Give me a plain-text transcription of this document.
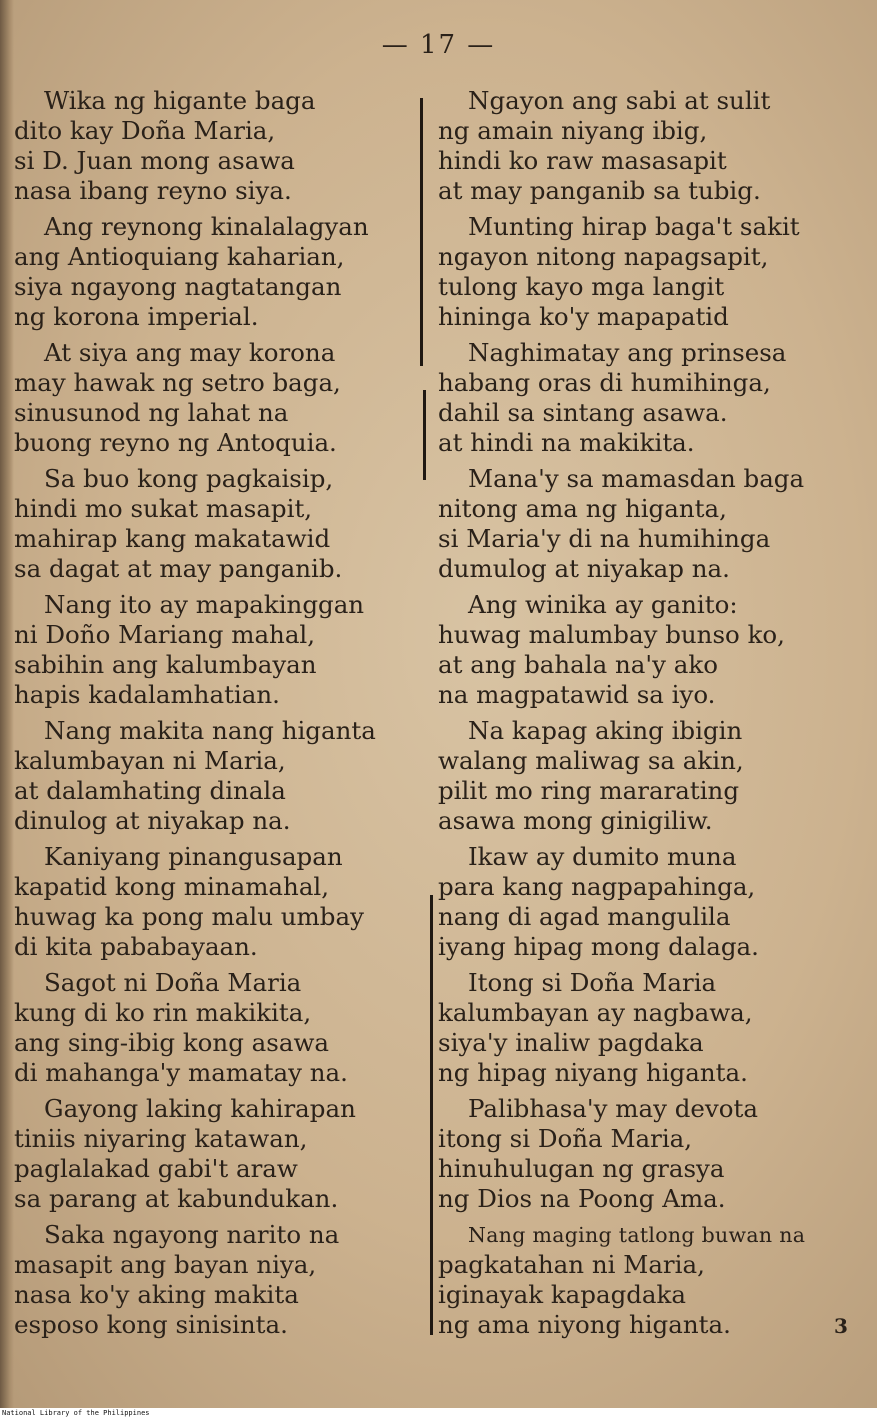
— 17 —
Wika ng higante baga
dito kay Doña Maria,
si D. Juan mong asawa
nasa ibang reyno siya.
Ang reynong kinalalagyan
ang Antioquiang kaharian,
siya ngayong nagtatangan
ng korona imperial.
At siya ang may korona
may hawak ng setro baga,
sinusunod ng lahat na
buong reyno ng Antoquia.
Sa buo kong pagkaisip,
hindi mo sukat masapit,
mahirap kang makatawid
sa dagat at may panganib.
Nang ito ay mapakinggan
ni Doño Mariang mahal,
sabihin ang kalumbayan
hapis kadalamhatian.
Nang makita nang higanta
kalumbayan ni Maria,
at dalamhating dinala
dinulog at niyakap na.
Kaniyang pinangusapan
kapatid kong minamahal,
huwag ka pong malu umbay
di kita pababayaan.
Sagot ni Doña Maria
kung di ko rin makikita,
ang sing-ibig kong asawa
di mahanga'y mamatay na.
Gayong laking kahirapan
tiniis niyaring katawan,
paglalakad gabi't araw
sa parang at kabundukan.
Saka ngayong narito na
masapit ang bayan niya,
nasa ko'y aking makita
esposo kong sinisinta.
Ngayon ang sabi at sulit
ng amain niyang ibig,
hindi ko raw masasapit
at may panganib sa tubig.
Munting hirap baga't sakit
ngayon nitong napagsapit,
tulong kayo mga langit
hininga ko'y mapapatid
Naghimatay ang prinsesa
habang oras di humihinga,
dahil sa sintang asawa.
at hindi na makikita.
Mana'y sa mamasdan baga
nitong ama ng higanta,
si Maria'y di na humihinga
dumulog at niyakap na.
Ang winika ay ganito:
huwag malumbay bunso ko,
at ang bahala na'y ako
na magpatawid sa iyo.
Na kapag aking ibigin
walang maliwag sa akin,
pilit mo ring mararating
asawa mong ginigiliw.
Ikaw ay dumito muna
para kang nagpapahinga,
nang di agad mangulila
iyang hipag mong dalaga.
Itong si Doña Maria
kalumbayan ay nagbawa,
siya'y inaliw pagdaka
ng hipag niyang higanta.
Palibhasa'y may devota
itong si Doña Maria,
hinuhulugan ng grasya
ng Dios na Poong Ama.
Nang maging tatlong buwan na
pagkatahan ni Maria,
iginayak kapagdaka
ng ama niyong higanta.	3
National Library of the Philippines
